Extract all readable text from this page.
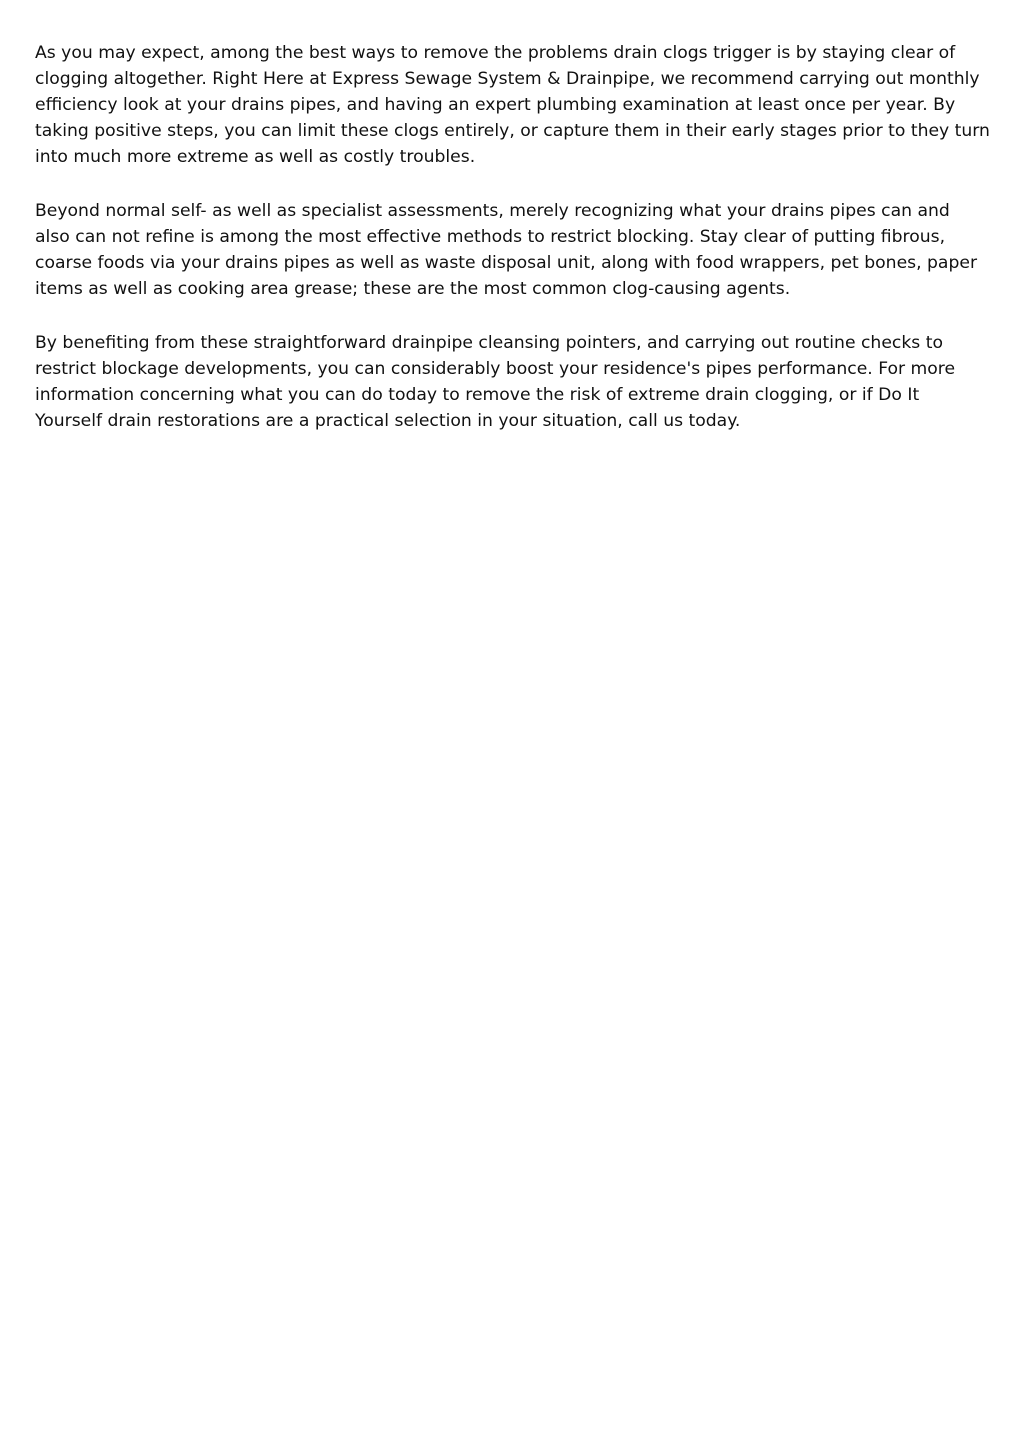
As you may expect, among the best ways to remove the problems drain clogs trigger is by staying clear of clogging altogether. Right Here at Express Sewage System & Drainpipe, we recommend carrying out monthly efficiency look at your drains pipes, and having an expert plumbing examination at least once per year. By taking positive steps, you can limit these clogs entirely, or capture them in their early stages prior to they turn into much more extreme as well as costly troubles.

Beyond normal self- as well as specialist assessments, merely recognizing what your drains pipes can and also can not refine is among the most effective methods to restrict blocking. Stay clear of putting fibrous, coarse foods via your drains pipes as well as waste disposal unit, along with food wrappers, pet bones, paper items as well as cooking area grease; these are the most common clog-causing agents.

By benefiting from these straightforward drainpipe cleansing pointers, and carrying out routine checks to restrict blockage developments, you can considerably boost your residence's pipes performance. For more information concerning what you can do today to remove the risk of extreme drain clogging, or if Do It Yourself drain restorations are a practical selection in your situation, call us today.
